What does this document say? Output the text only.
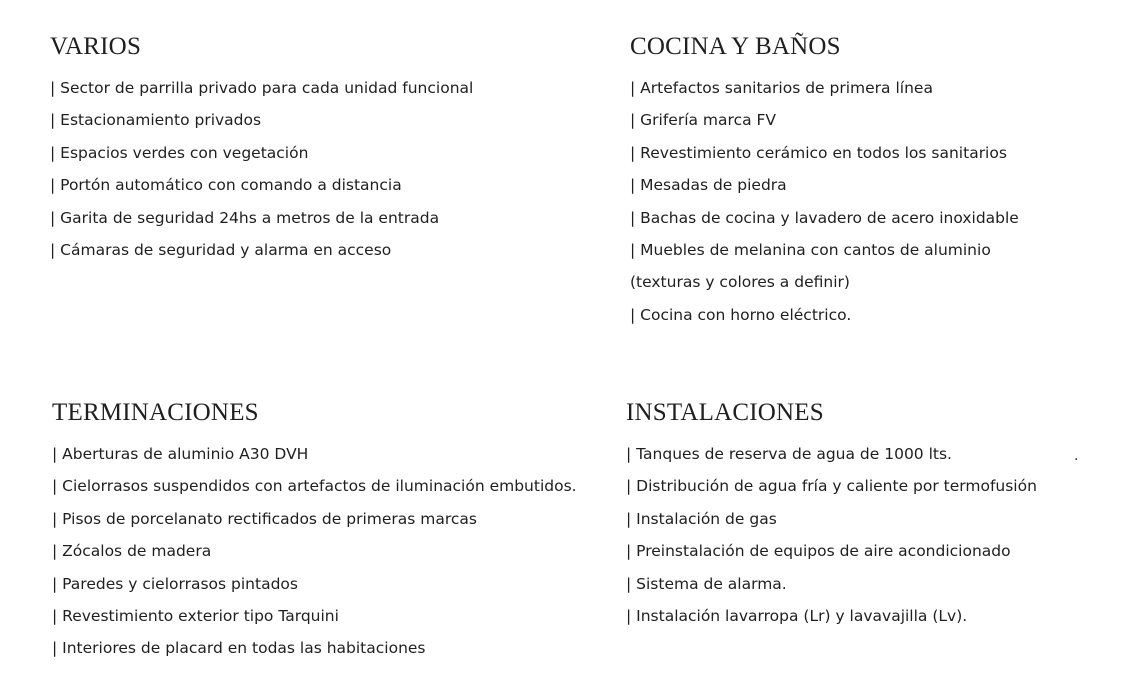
VARIOS
| Sector de parrilla privado para cada unidad funcional
| Estacionamiento privados
| Espacios verdes con vegetación
| Portón automático con comando a distancia
| Garita de seguridad 24hs a metros de la entrada
| Cámaras de seguridad y alarma en acceso
COCINA Y BAÑOS
| Artefactos sanitarios de primera línea
| Grifería marca FV
| Revestimiento cerámico en todos los sanitarios
| Mesadas de piedra
| Bachas de cocina y lavadero de acero inoxidable
| Muebles de melanina con cantos de aluminio
(texturas y colores a definir)
| Cocina con horno eléctrico.
TERMINACIONES
| Aberturas de aluminio A30 DVH
| Cielorrasos suspendidos con artefactos de iluminación embutidos.
| Pisos de porcelanato rectificados de primeras marcas
| Zócalos de madera
| Paredes y cielorrasos pintados
| Revestimiento exterior tipo Tarquini
| Interiores de placard en todas las habitaciones
INSTALACIONES
| Tanques de reserva de agua de 1000 lts.
| Distribución de agua fría y caliente por termofusión
| Instalación de gas
| Preinstalación de equipos de aire acondicionado
| Sistema de alarma.
| Instalación lavarropa (Lr) y lavavajilla (Lv).
.
